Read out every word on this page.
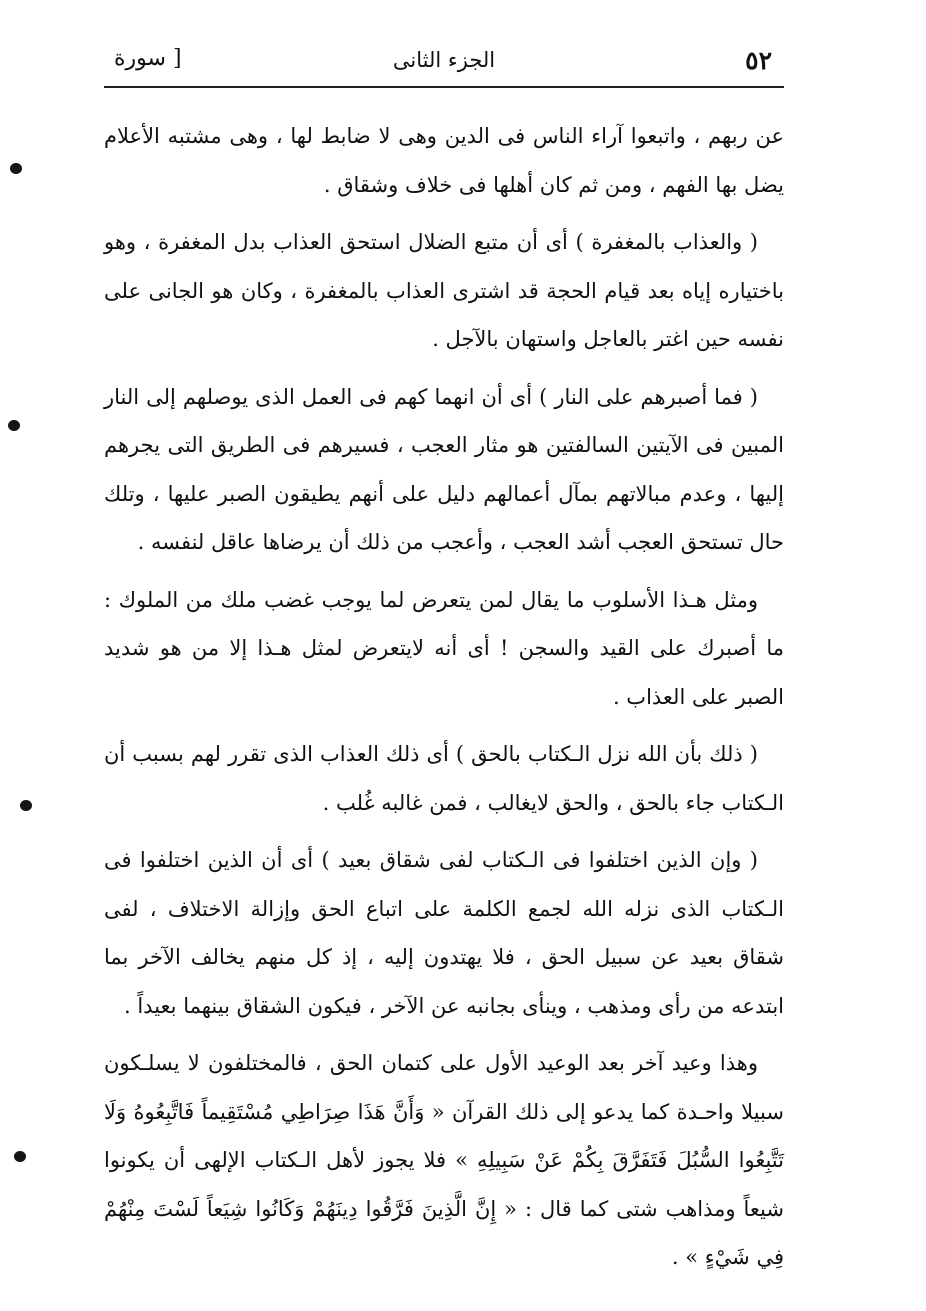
٥٢
الجزء الثانى
[ سورة

عن ربهم ، واتبعوا آراء الناس فى الدين وهى لا ضابط لها ، وهى مشتبه الأعلام يضل بها الفهم ، ومن ثم كان أهلها فى خلاف وشقاق .

( والعذاب بالمغفرة ) أى أن متبع الضلال استحق العذاب بدل المغفرة ، وهو باختياره إياه بعد قيام الحجة قد اشترى العذاب بالمغفرة ، وكان هو الجانى على نفسه حين اغتر بالعاجل واستهان بالآجل .

( فما أصبرهم على النار ) أى أن انهما كهم فى العمل الذى يوصلهم إلى النار المبين فى الآيتين السالفتين هو مثار العجب ، فسيرهم فى الطريق التى يجرهم إليها ، وعدم مبالاتهم بمآل أعمالهم دليل على أنهم يطيقون الصبر عليها ، وتلك حال تستحق العجب أشد العجب ، وأعجب من ذلك أن يرضاها عاقل لنفسه .

ومثل هـذا الأسلوب ما يقال لمن يتعرض لما يوجب غضب ملك من الملوك : ما أصبرك على القيد والسجن ! أى أنه لايتعرض لمثل هـذا إلا من هو شديد الصبر على العذاب .

( ذلك بأن الله نزل الـكتاب بالحق ) أى ذلك العذاب الذى تقرر لهم بسبب أن الـكتاب جاء بالحق ، والحق لايغالب ، فمن غالبه غُلب .

( وإن الذين اختلفوا فى الـكتاب لفى شقاق بعيد ) أى أن الذين اختلفوا فى الـكتاب الذى نزله الله لجمع الكلمة على اتباع الحق وإزالة الاختلاف ، لفى شقاق بعيد عن سبيل الحق ، فلا يهتدون إليه ، إذ كل منهم يخالف الآخر بما ابتدعه من رأى ومذهب ، وينأى بجانبه عن الآخر ، فيكون الشقاق بينهما بعيداً .

وهذا وعيد آخر بعد الوعيد الأول على كتمان الحق ، فالمختلفون لا يسلـكون سبيلا واحـدة كما يدعو إلى ذلك القرآن « وَأَنَّ هَذَا صِرَاطِي مُسْتَقِيماً فَاتَّبِعُوهُ وَلَا تَتَّبِعُوا السُّبُلَ فَتَفَرَّقَ بِكُمْ عَنْ سَبِيلِهِ » فلا يجوز لأهل الـكتاب الإلهى أن يكونوا شيعاً ومذاهب شتى كما قال : « إِنَّ الَّذِينَ فَرَّقُوا دِينَهُمْ وَكَانُوا شِيَعاً لَسْتَ مِنْهُمْ فِي شَيْءٍ » .
